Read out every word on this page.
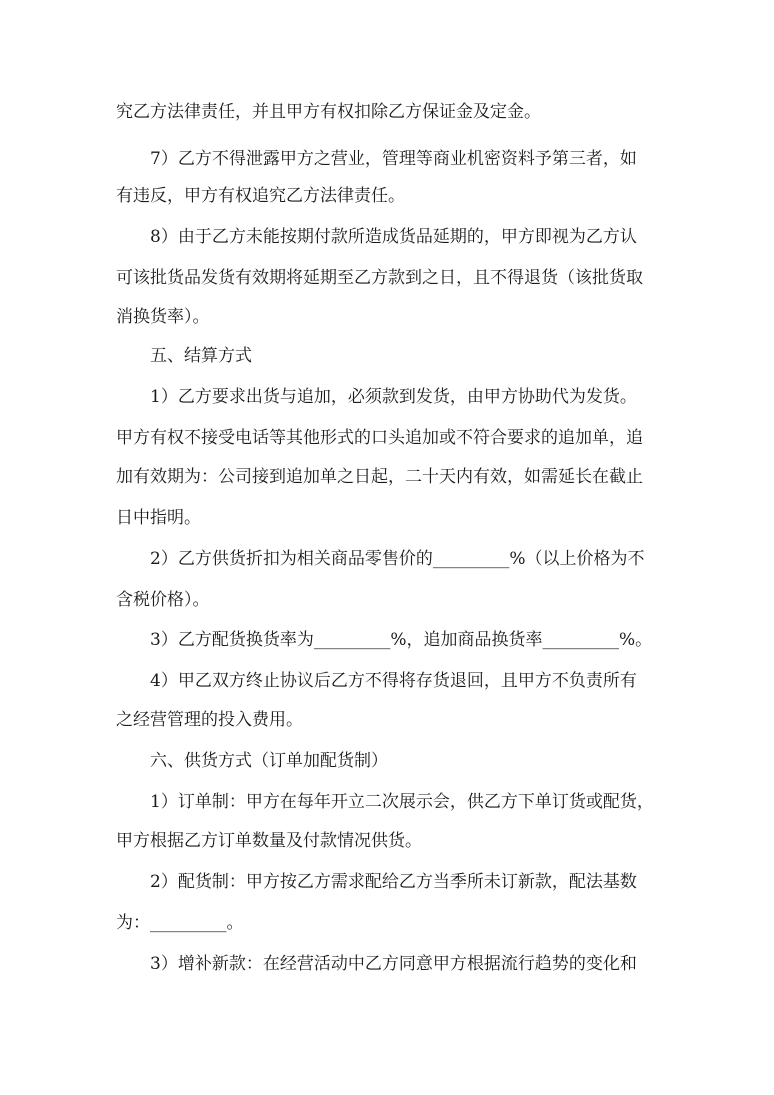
究乙方法律责任，并且甲方有权扣除乙方保证金及定金。

7）乙方不得泄露甲方之营业，管理等商业机密资料予第三者，如

有违反，甲方有权追究乙方法律责任。

8）由于乙方未能按期付款所造成货品延期的，甲方即视为乙方认

可该批货品发货有效期将延期至乙方款到之日，且不得退货（该批货取

消换货率）。

五、结算方式

1）乙方要求出货与追加，必须款到发货，由甲方协助代为发货。

甲方有权不接受电话等其他形式的口头追加或不符合要求的追加单，追

加有效期为：公司接到追加单之日起，二十天内有效，如需延长在截止

日中指明。

2）乙方供货折扣为相关商品零售价的_________%（以上价格为不

含税价格）。

3）乙方配货换货率为_________%，追加商品换货率_________%。

4）甲乙双方终止协议后乙方不得将存货退回，且甲方不负责所有

之经营管理的投入费用。

六、供货方式（订单加配货制）

1）订单制：甲方在每年开立二次展示会，供乙方下单订货或配货，

甲方根据乙方订单数量及付款情况供货。

2）配货制：甲方按乙方需求配给乙方当季所未订新款，配法基数

为：_________。

3）增补新款：在经营活动中乙方同意甲方根据流行趋势的变化和
